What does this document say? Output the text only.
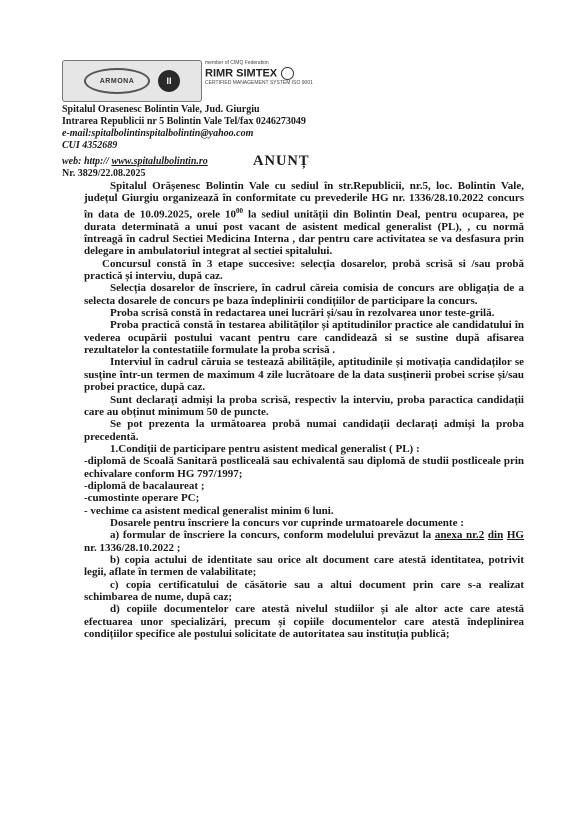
ARMONA	II
member of CIMQ Federation
RIMR SIMTEX
CERTIFIED MANAGEMENT SYSTEM ISO 9001
Spitalul Orasenesc Bolintin Vale, Jud. Giurgiu
Intrarea Republicii nr 5 Bolintin Vale Tel/fax 0246273049
e-mail:spitalbolintinspitalbolintin@yahoo.com
CUI 4352689
web: http:// www.spitalulbolintin.ro
Nr. 3829/22.08.2025
ANUNȚ

Spitalul Orășenesc Bolintin Vale cu sediul în str.Republicii, nr.5, loc. Bolintin Vale, județul Giurgiu organizează în conformitate cu prevederile HG nr. 1336/28.10.2022 concurs în data de 10.09.2025, orele $10^{00}$ la sediul unității din Bolintin Deal, pentru ocuparea, pe durata determinată a unui post vacant de asistent medical generalist (PL), , cu normă întreagă în cadrul Sectiei Medicina Interna , dar pentru care activitatea se va desfasura prin delegare in ambulatoriul integrat al sectiei spitalului.

Concursul constă în 3 etape succesive: selecția dosarelor, probă scrisă si /sau probă practică și interviu, după caz.

Selecția dosarelor de înscriere, în cadrul căreia comisia de concurs are obligația de a selecta dosarele de concurs pe baza îndeplinirii condițiilor de participare la concurs.

Proba scrisă constă în redactarea unei lucrări și/sau în rezolvarea unor teste-grilă.

Proba practică constă în testarea abilităților și aptitudinilor practice ale candidatului în vederea ocupării postului vacant pentru care candidează si se sustine după afisarea rezultatelor la contestatiile formulate la proba scrisă .

Interviul în cadrul căruia se testează abilitățile, aptitudinile și motivația candidaților se susține într-un termen de maximum 4 zile lucrătoare de la data susținerii probei scrise și/sau probei practice, după caz.

Sunt declarați admiși la proba scrisă, respectiv la interviu, proba paractica candidații care au obținut minimum 50 de puncte.

Se pot prezenta la următoarea probă numai candidații declarați admiși la proba precedentă.

1.Condiții de participare pentru asistent medical generalist ( PL) :

-diplomă de Scoală Sanitară postliceală sau echivalentă sau diplomă de studii postliceale prin echivalare conform HG 797/1997;

-diplomă de bacalaureat ;

-cumostinte operare PC;

- vechime ca asistent medical generalist minim 6 luni.

Dosarele pentru înscriere la concurs vor cuprinde urmatoarele documente :

a) formular de înscriere la concurs, conform modelului prevăzut la anexa nr.2 din HG nr. 1336/28.10.2022 ;

b) copia actului de identitate sau orice alt document care atestă identitatea, potrivit legii, aflate în termen de valabilitate;

c) copia certificatului de căsătorie sau a altui document prin care s-a realizat schimbarea de nume, după caz;

d) copiile documentelor care atestă nivelul studiilor și ale altor acte care atestă efectuarea unor specializări, precum și copiile documentelor care atestă îndeplinirea condițiilor specifice ale postului solicitate de autoritatea sau instituția publică;
